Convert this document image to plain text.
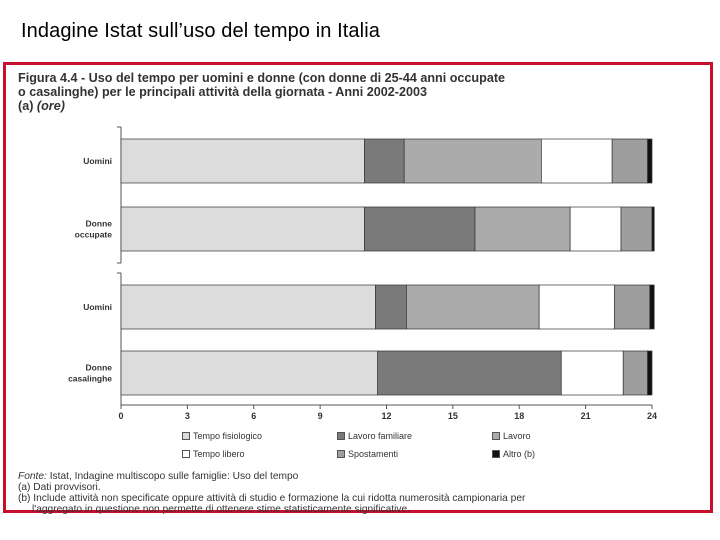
Indagine Istat sull’uso del tempo in Italia
Figura 4.4 - Uso del tempo per uomini e donne (con donne di 25-44 anni occupate
o casalinghe) per le principali attività della giornata - Anni 2002-2003
(a) (ore)
0	3	6	9	12	15	18	21	24
Uomini
Donne
occupate
Uomini
Donne
casalinghe
Tempo fisiologico	Lavoro familiare	Lavoro
Tempo libero	Spostamenti	Altro (b)
Fonte: Istat, Indagine multiscopo sulle famiglie: Uso del tempo
(a) Dati provvisori.
(b) Include attività non specificate oppure attività di studio e formazione la cui ridotta numerosità campionaria per
l'aggregato in questione non permette di ottenere stime statisticamente significative.
